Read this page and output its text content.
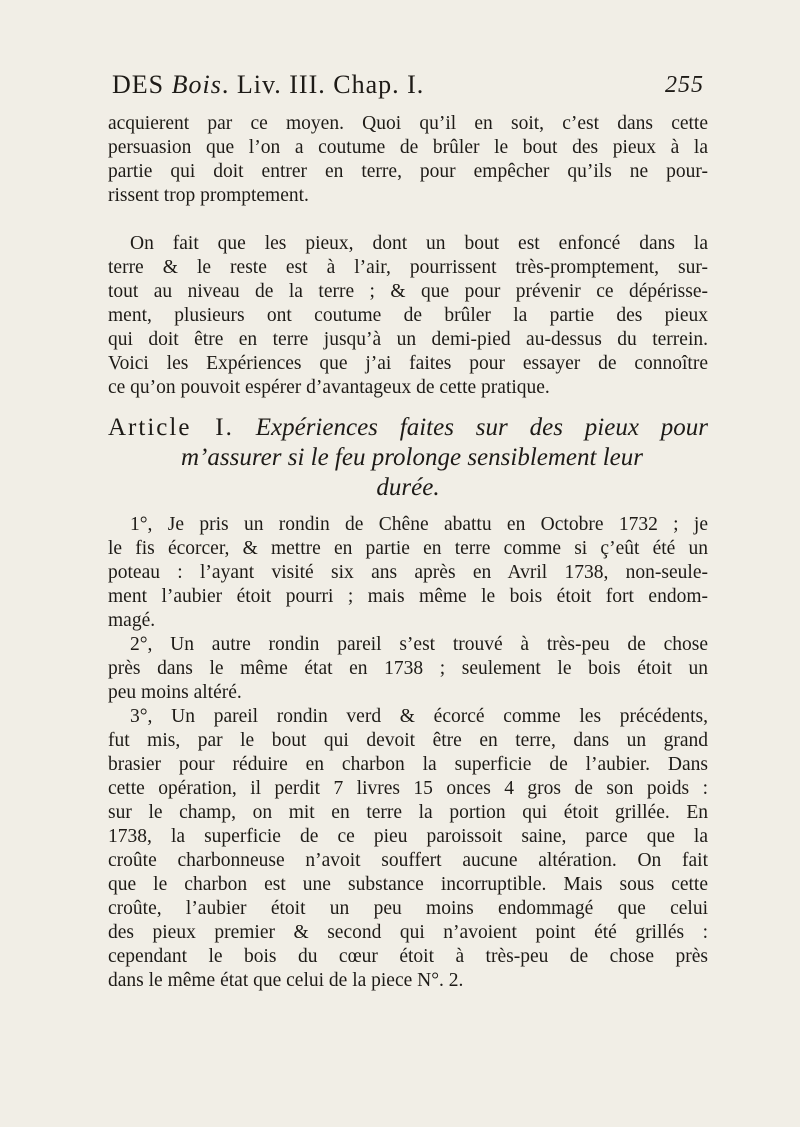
DES Bois. Liv. III. Chap. I.	255
acquierent par ce moyen. Quoi qu’il en soit, c’est dans cette
persuasion que l’on a coutume de brûler le bout des pieux à la
partie qui doit entrer en terre, pour empêcher qu’ils ne pour-
rissent trop promptement.
On fait que les pieux, dont un bout est enfoncé dans la
terre & le reste est à l’air, pourrissent très-promptement, sur-
tout au niveau de la terre ; & que pour prévenir ce dépérisse-
ment, plusieurs ont coutume de brûler la partie des pieux
qui doit être en terre jusqu’à un demi-pied au-dessus du terrein.
Voici les Expériences que j’ai faites pour essayer de connoître
ce qu’on pouvoit espérer d’avantageux de cette pratique.
Article I. Expériences faites sur des pieux pour
m’assurer si le feu prolonge sensiblement leur
durée.
1°, Je pris un rondin de Chêne abattu en Octobre 1732 ; je
le fis écorcer, & mettre en partie en terre comme si ç’eût été un
poteau : l’ayant visité six ans après en Avril 1738, non-seule-
ment l’aubier étoit pourri ; mais même le bois étoit fort endom-
magé.
2°, Un autre rondin pareil s’est trouvé à très-peu de chose
près dans le même état en 1738 ; seulement le bois étoit un
peu moins altéré.
3°, Un pareil rondin verd & écorcé comme les précédents,
fut mis, par le bout qui devoit être en terre, dans un grand
brasier pour réduire en charbon la superficie de l’aubier. Dans
cette opération, il perdit 7 livres 15 onces 4 gros de son poids :
sur le champ, on mit en terre la portion qui étoit grillée. En
1738, la superficie de ce pieu paroissoit saine, parce que la
croûte charbonneuse n’avoit souffert aucune altération. On fait
que le charbon est une substance incorruptible. Mais sous cette
croûte, l’aubier étoit un peu moins endommagé que celui
des pieux premier & second qui n’avoient point été grillés :
cependant le bois du cœur étoit à très-peu de chose près
dans le même état que celui de la piece N°. 2.
